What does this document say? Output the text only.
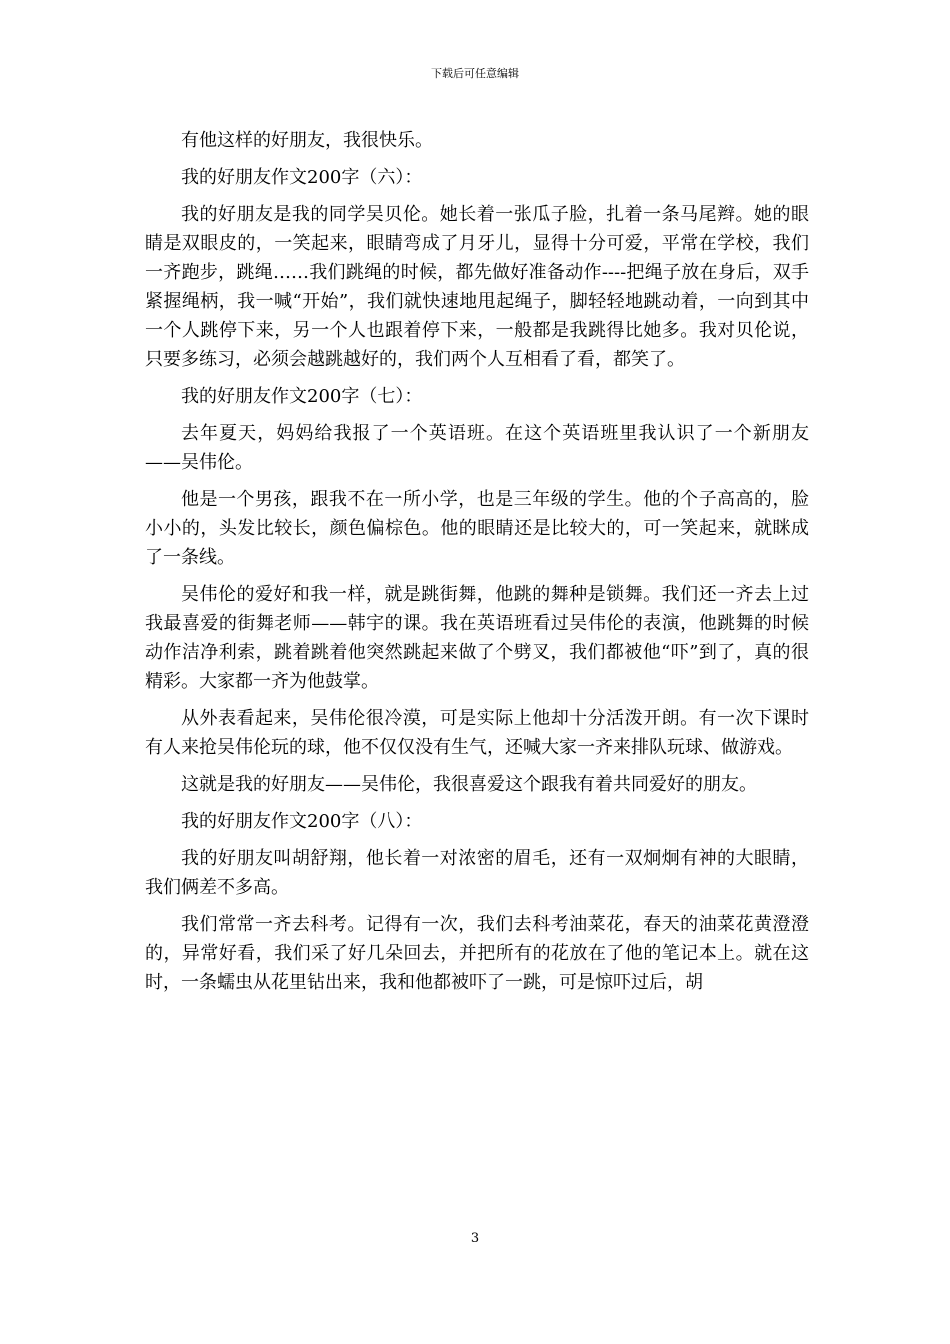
下载后可任意编辑

有他这样的好朋友，我很快乐。

我的好朋友作文200字（六）：

我的好朋友是我的同学吴贝伦。她长着一张瓜子脸，扎着一条马尾辫。她的眼睛是双眼皮的，一笑起来，眼睛弯成了月牙儿，显得十分可爱，平常在学校，我们一齐跑步，跳绳……我们跳绳的时候，都先做好准备动作----把绳子放在身后，双手紧握绳柄，我一喊“开始”，我们就快速地甩起绳子，脚轻轻地跳动着，一向到其中一个人跳停下来，另一个人也跟着停下来，一般都是我跳得比她多。我对贝伦说，只要多练习，必须会越跳越好的，我们两个人互相看了看，都笑了。

我的好朋友作文200字（七）：

去年夏天，妈妈给我报了一个英语班。在这个英语班里我认识了一个新朋友——吴伟伦。

他是一个男孩，跟我不在一所小学，也是三年级的学生。他的个子高高的，脸小小的，头发比较长，颜色偏棕色。他的眼睛还是比较大的，可一笑起来，就眯成了一条线。

吴伟伦的爱好和我一样，就是跳街舞，他跳的舞种是锁舞。我们还一齐去上过我最喜爱的街舞老师——韩宇的课。我在英语班看过吴伟伦的表演，他跳舞的时候动作洁净利索，跳着跳着他突然跳起来做了个劈叉，我们都被他“吓”到了，真的很精彩。大家都一齐为他鼓掌。

从外表看起来，吴伟伦很冷漠，可是实际上他却十分活泼开朗。有一次下课时有人来抢吴伟伦玩的球，他不仅仅没有生气，还喊大家一齐来排队玩球、做游戏。

这就是我的好朋友——吴伟伦，我很喜爱这个跟我有着共同爱好的朋友。

我的好朋友作文200字（八）：

我的好朋友叫胡舒翔，他长着一对浓密的眉毛，还有一双炯炯有神的大眼睛，我们俩差不多高。

我们常常一齐去科考。记得有一次，我们去科考油菜花，春天的油菜花黄澄澄的，异常好看，我们采了好几朵回去，并把所有的花放在了他的笔记本上。就在这时，一条蠕虫从花里钻出来，我和他都被吓了一跳，可是惊吓过后，胡

3
